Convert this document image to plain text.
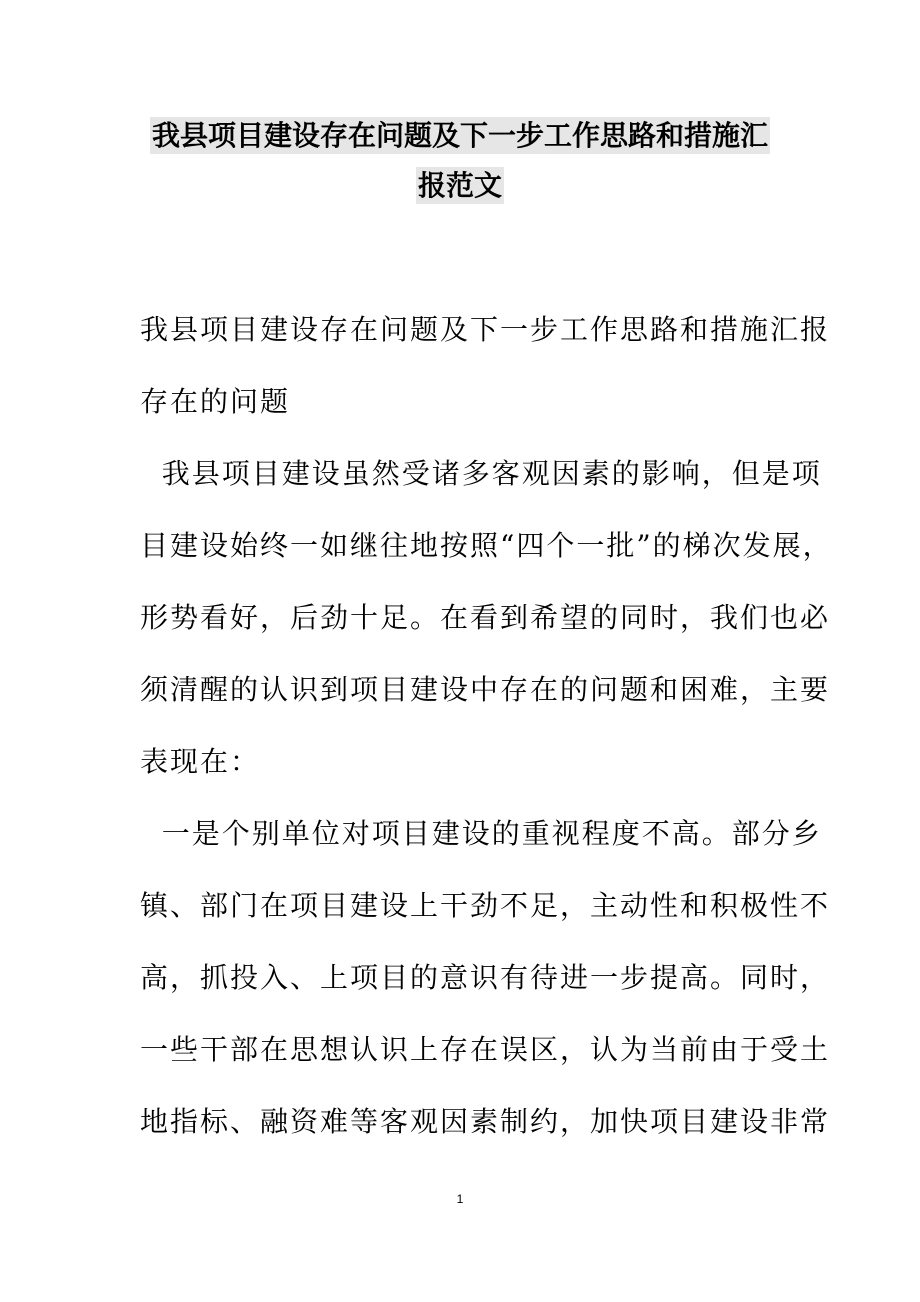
我县项目建设存在问题及下一步工作思路和措施汇
报范文
我县项目建设存在问题及下一步工作思路和措施汇报
存在的问题
我县项目建设虽然受诸多客观因素的影响，但是项
目建设始终一如继往地按照“四个一批”的梯次发展，
形势看好，后劲十足。在看到希望的同时，我们也必
须清醒的认识到项目建设中存在的问题和困难，主要
表现在：
一是个别单位对项目建设的重视程度不高。部分乡
镇、部门在项目建设上干劲不足，主动性和积极性不
高，抓投入、上项目的意识有待进一步提高。同时，
一些干部在思想认识上存在误区，认为当前由于受土
地指标、融资难等客观因素制约，加快项目建设非常
1
